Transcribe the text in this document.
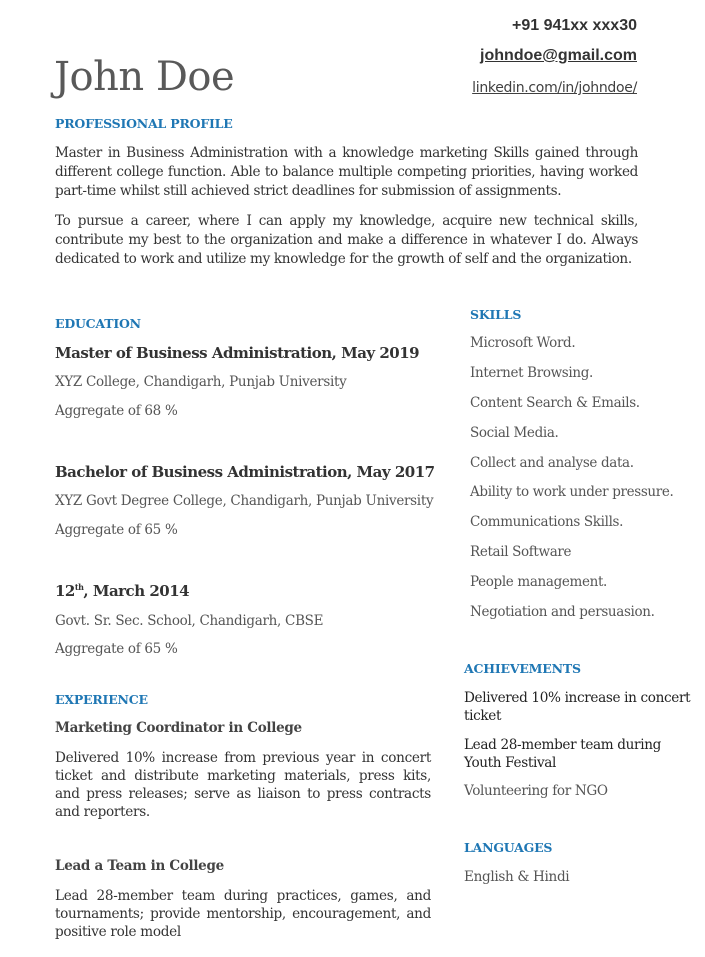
John Doe
+91 941xx xxx30
johndoe@gmail.com
linkedin.com/in/johndoe/
PROFESSIONAL PROFILE
Master in Business Administration with a knowledge marketing Skills gained through different college function. Able to balance multiple competing priorities, having worked part-time whilst still achieved strict deadlines for submission of assignments.
To pursue a career, where I can apply my knowledge, acquire new technical skills, contribute my best to the organization and make a difference in whatever I do. Always dedicated to work and utilize my knowledge for the growth of self and the organization.
EDUCATION
Master of Business Administration, May 2019
XYZ College, Chandigarh, Punjab University
Aggregate of 68 %
Bachelor of Business Administration, May 2017
XYZ Govt Degree College, Chandigarh, Punjab University
Aggregate of 65 %
12th, March 2014
Govt. Sr. Sec. School, Chandigarh, CBSE
Aggregate of 65 %
EXPERIENCE
Marketing Coordinator in College
Delivered 10% increase from previous year in concert ticket and distribute marketing materials, press kits, and press releases; serve as liaison to press contracts and reporters.
Lead a Team in College
Lead 28-member team during practices, games, and tournaments; provide mentorship, encouragement, and positive role model
SKILLS
Microsoft Word.
Internet Browsing.
Content Search & Emails.
Social Media.
Collect and analyse data.
Ability to work under pressure.
Communications Skills.
Retail Software
People management.
Negotiation and persuasion.
ACHIEVEMENTS
Delivered 10% increase in concert ticket
Lead 28-member team during Youth Festival
Volunteering for NGO
LANGUAGES
English & Hindi
